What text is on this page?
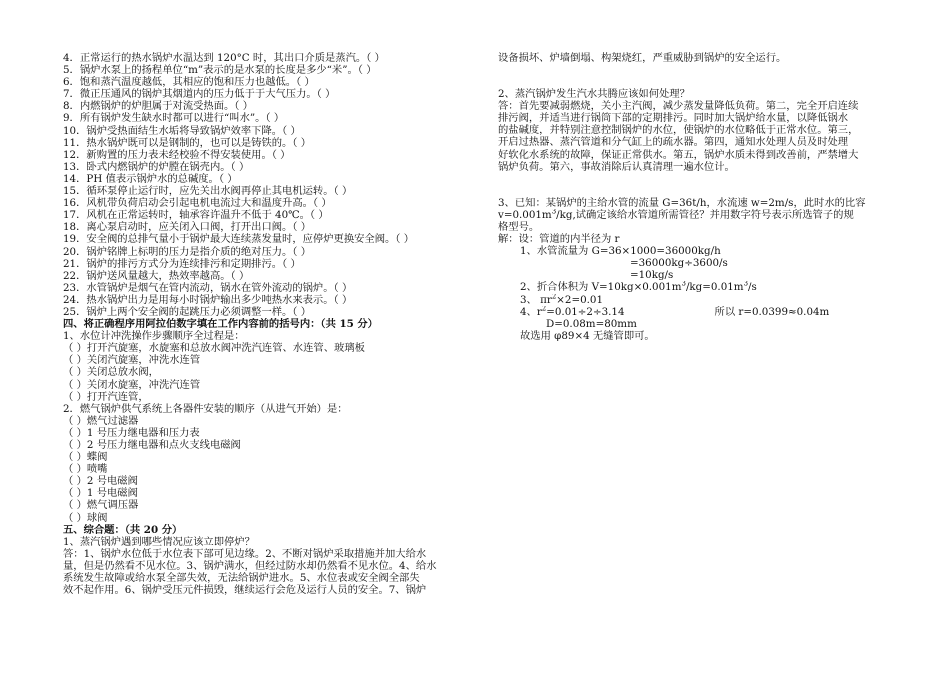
4．正常运行的热水锅炉水温达到 120°C 时，其出口介质是蒸汽。（ ）
5．锅炉水泵上的扬程单位“m”表示的是水泵的长度是多少“米”。（ ）
6．饱和蒸汽温度越低，其相应的饱和压力也越低。（ ）
7．微正压通风的锅炉其烟道内的压力低于于大气压力。（ ）
8．内燃锅炉的炉胆属于对流受热面。（ ）
9．所有锅炉发生缺水时都可以进行“叫水”。（ ）
10．锅炉受热面结生水垢将导致锅炉效率下降。（ ）
11．热水锅炉既可以是钢制的，也可以是铸铁的。（ ）
12．新购置的压力表未经校验不得安装使用。（ ）
13．卧式内燃锅炉的炉膛在锅壳内。（ ）
14．PH 值表示锅炉水的总碱度。（ ）
15．循环泵停止运行时，应先关出水阀再停止其电机运转。（ ）
16．风机带负荷启动会引起电机电流过大和温度升高。（ ）
17．风机在正常运转时，轴承容许温升不低于 40℃。（ ）
18．离心泵启动时，应关闭入口阀，打开出口阀。（ ）
19．安全阀的总排气量小于锅炉最大连续蒸发量时，应停炉更换安全阀。（ ）
20．锅炉铭牌上标明的压力是指介质的绝对压力。（ ）
21．锅炉的排污方式分为连续排污和定期排污。（ ）
22．锅炉送风量越大，热效率越高。（ ）
23．水管锅炉是烟气在管内流动，锅水在管外流动的锅炉。（ ）
24．热水锅炉出力是用每小时锅炉输出多少吨热水来表示。（ ）
25．锅炉上两个安全阀的起跳压力必须调整一样。（ ）
四、将正确程序用阿拉伯数字填在工作内容前的括号内：（共 15 分）
1、水位计冲洗操作步骤顺序全过程是：
（ ）打开汽旋塞，水旋塞和总放水阀冲洗汽连管、水连管、玻璃板
（ ）关闭汽旋塞，冲洗水连管
（ ）关闭总放水阀，
（ ）关闭水旋塞，冲洗汽连管
（ ）打开汽连管，
2．燃气锅炉供气系统上各器件安装的顺序（从进气开始）是：
（ ）燃气过滤器
（ ）1 号压力继电器和压力表
（ ）2 号压力继电器和点火支线电磁阀
（ ）蝶阀
（ ）喷嘴
（ ）2 号电磁阀
（ ）1 号电磁阀
（ ）燃气调压器
（ ）球阀
五、综合题：（共 20 分）
1、蒸汽锅炉遇到哪些情况应该立即停炉？
答：1、锅炉水位低于水位表下部可见边缘。2、不断对锅炉采取措施并加大给水
量，但是仍然看不见水位。3、锅炉满水，但经过防水却仍然看不见水位。4、给水
系统发生故障或给水泵全部失效，无法给锅炉进水。5、水位表或安全阀全部失
效不起作用。6、锅炉受压元件损毁，继续运行会危及运行人员的安全。7、锅炉
设备损坏、炉墙倒塌、构架烧红，严重威胁到锅炉的安全运行。
2、蒸汽锅炉发生汽水共腾应该如何处理？
答：首先要减弱燃烧，关小主汽阀，减少蒸发量降低负荷。第二，完全开启连续
排污阀，并适当进行锅筒下部的定期排污。同时加大锅炉给水量，以降低锅水
的盐碱度，并特别注意控制锅炉的水位，使锅炉的水位略低于正常水位。第三，
开启过热器、蒸汽管道和分气缸上的疏水器。第四，通知水处理人员及时处理
好软化水系统的故障，保证正常供水。第五，锅炉水质未得到改善前，严禁增大
锅炉负荷。第六，事故消除后认真清理一遍水位计。
3、已知：某锅炉的主给水管的流量 G=36t/h，水流速 w=2m/s，此时水的比容
$v=0.001m^3/kg$,试确定该给水管道所需管径？并用数字符号表示所选管子的规
格型号。
解：设：管道的内半径为 r
1、水管流量为 G=36×1000=36000kg/h
=36000kg÷3600/s
=10kg/s
2、折合体积为 $V=10kg\times 0.001m^3/kg=0.01m^3/s$
3、 $\pi r^2\times 2=0.01$
4、$r^2=0.01\div 2\div 3.14$	所以 r=0.0399≈0.04m
D=0.08m=80mm
故选用 φ89×4 无缝管即可。
